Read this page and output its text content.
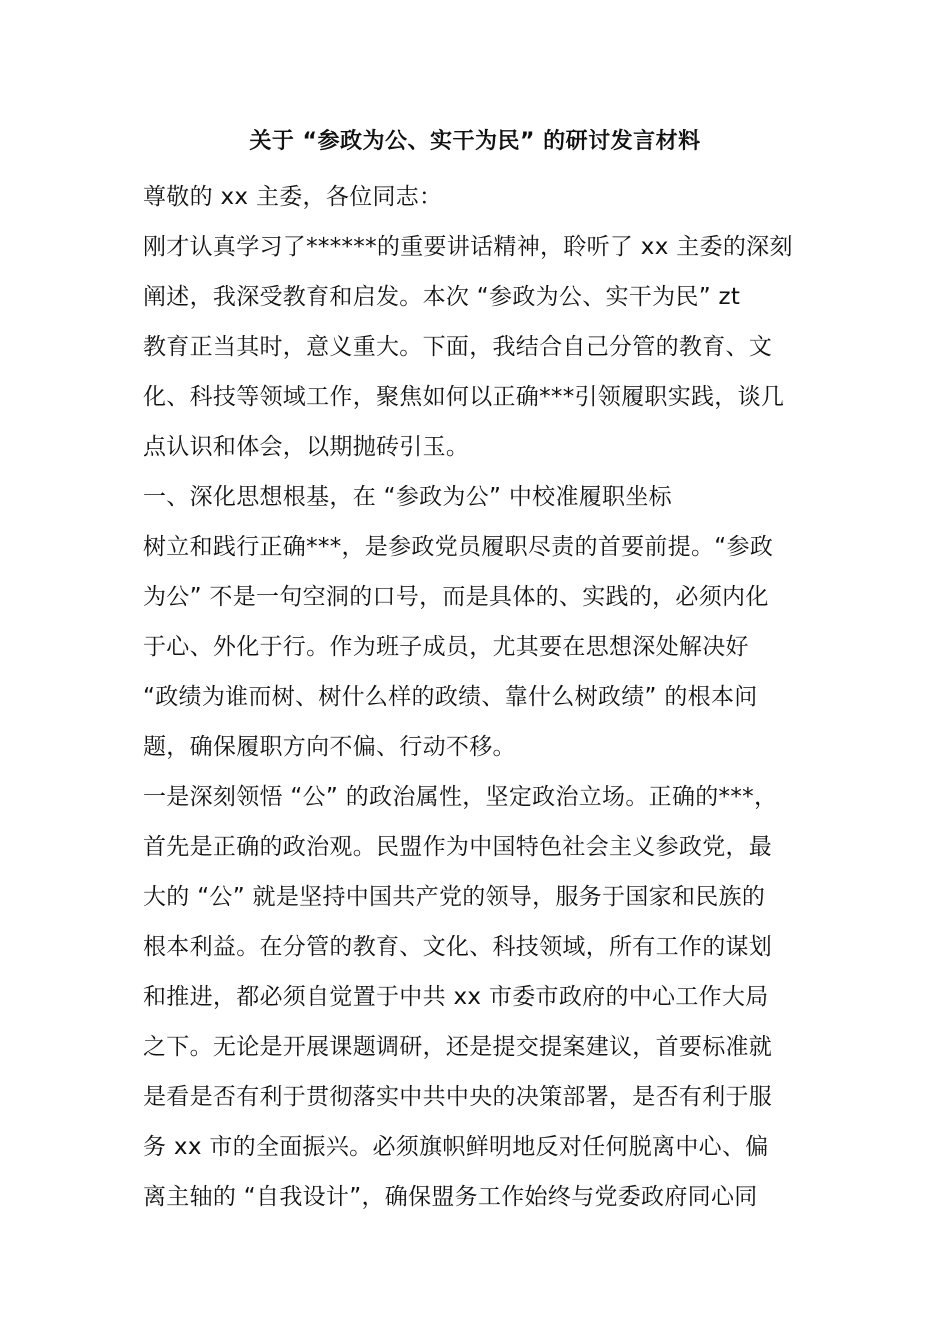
关于 “参政为公、实干为民” 的研讨发言材料
尊敬的 xx 主委，各位同志：
刚才认真学习了******的重要讲话精神，聆听了 xx 主委的深刻
阐述，我深受教育和启发。本次 “参政为公、实干为民” zt
教育正当其时，意义重大。下面，我结合自己分管的教育、文
化、科技等领域工作，聚焦如何以正确***引领履职实践，谈几
点认识和体会，以期抛砖引玉。
一、深化思想根基，在 “参政为公” 中校准履职坐标
树立和践行正确***，是参政党员履职尽责的首要前提。“参政
为公” 不是一句空洞的口号，而是具体的、实践的，必须内化
于心、外化于行。作为班子成员，尤其要在思想深处解决好
“政绩为谁而树、树什么样的政绩、靠什么树政绩” 的根本问
题，确保履职方向不偏、行动不移。
一是深刻领悟 “公” 的政治属性，坚定政治立场。正确的***，
首先是正确的政治观。民盟作为中国特色社会主义参政党，最
大的 “公” 就是坚持中国共产党的领导，服务于国家和民族的
根本利益。在分管的教育、文化、科技领域，所有工作的谋划
和推进，都必须自觉置于中共 xx 市委市政府的中心工作大局
之下。无论是开展课题调研，还是提交提案建议，首要标准就
是看是否有利于贯彻落实中共中央的决策部署，是否有利于服
务 xx 市的全面振兴。必须旗帜鲜明地反对任何脱离中心、偏
离主轴的 “自我设计”，确保盟务工作始终与党委政府同心同
